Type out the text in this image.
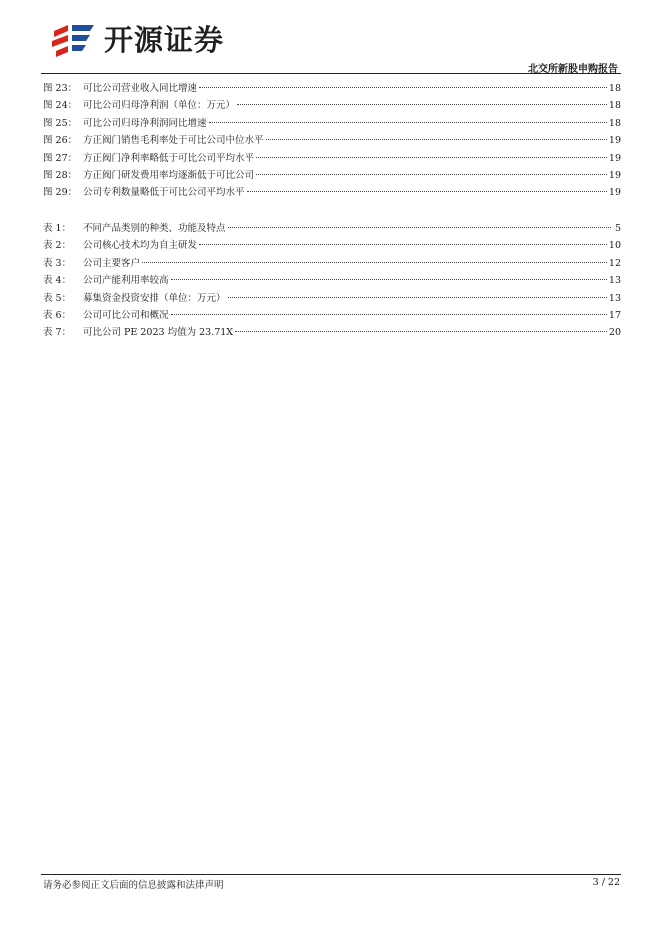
开源证券
北交所新股申购报告
图 23： 可比公司营业收入同比增速	18
图 24： 可比公司归母净利润（单位：万元）	18
图 25： 可比公司归母净利润同比增速	18
图 26： 方正阀门销售毛利率处于可比公司中位水平	19
图 27： 方正阀门净利率略低于可比公司平均水平	19
图 28： 方正阀门研发费用率均逐渐低于可比公司	19
图 29： 公司专利数量略低于可比公司平均水平	19
表 1：	不同产品类别的种类、功能及特点	5
表 2：	公司核心技术均为自主研发	10
表 3：	公司主要客户	12
表 4：	公司产能利用率较高	13
表 5：	募集资金投资安排（单位：万元）	13
表 6：	公司可比公司和概况	17
表 7：	可比公司 PE 2023 均值为 23.71X	20
请务必参阅正文后面的信息披露和法律声明	3 / 22
